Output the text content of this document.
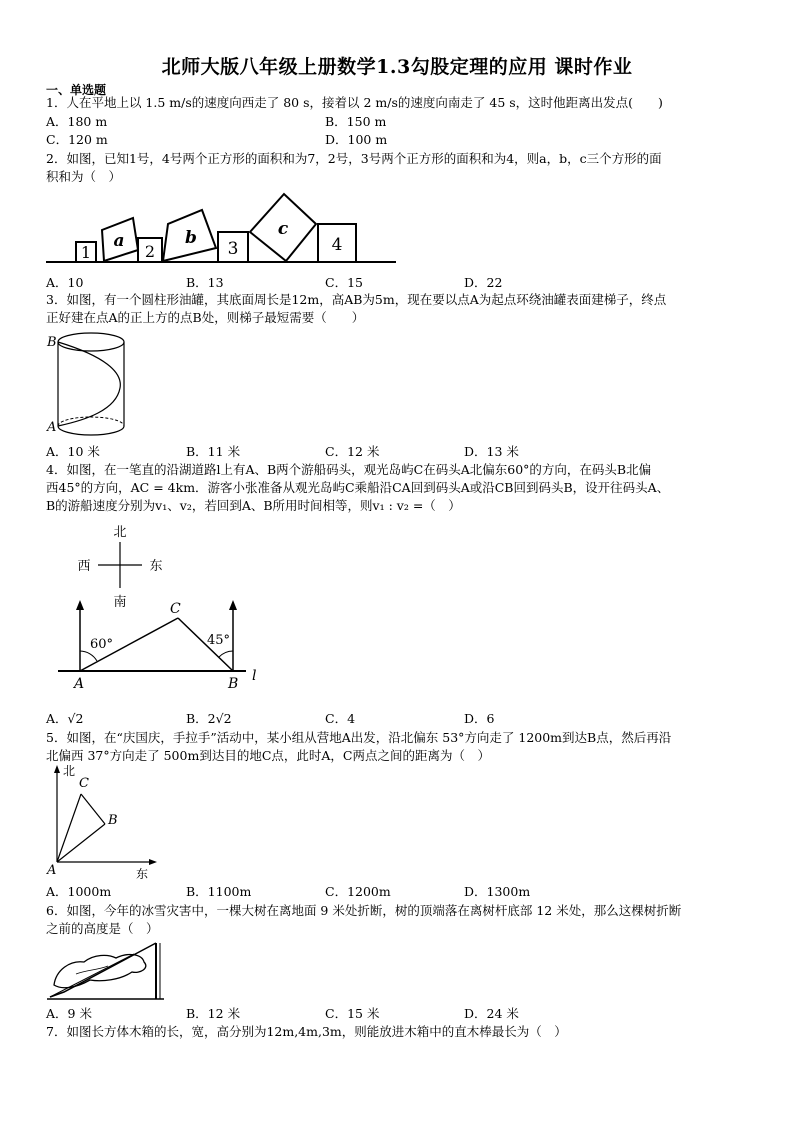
北师大版八年级上册数学1.3勾股定理的应用 课时作业
一、单选题
1．人在平地上以 1.5 m/s的速度向西走了 80 s，接着以 2 m/s的速度向南走了 45 s，这时他距离出发点(　　)
A．180 m	B．150 m
C．120 m	D．100 m
2．如图，已知1号，4号两个正方形的面积和为7，2号，3号两个正方形的面积和为4，则a，b，c三个方形的面
积和为（　）
1
a
2
b
3
c
4
A．10	B．13	C．15	D．22
3．如图，有一个圆柱形油罐，其底面周长是12m，高AB为5m，现在要以点A为起点环绕油罐表面建梯子，终点
正好建在点A的正上方的点B处，则梯子最短需要（　　）
B
A
A．10 米	B．11 米	C．12 米	D．13 米
4．如图，在一笔直的沿湖道路l上有A、B两个游船码头，观光岛屿C在码头A北偏东60°的方向，在码头B北偏
西45°的方向，AC = 4km．游客小张准备从观光岛屿C乘船沿CA回到码头A或沿CB回到码头B，设开往码头A、
B的游船速度分别为v₁、v₂，若回到A、B所用时间相等，则v₁ : v₂ =（　）
北
南
西	东
60°	45°
A	B
C
l
A．√2	B．2√2	C．4	D．6
5．如图，在“庆国庆，手拉手”活动中，某小组从营地A出发，沿北偏东 53°方向走了 1200m到达B点，然后再沿
北偏西 37°方向走了 500m到达目的地C点，此时A，C两点之间的距离为（　）
北
东
A
B
C
A．1000m	B．1100m	C．1200m	D．1300m
6．如图，今年的冰雪灾害中，一棵大树在离地面 9 米处折断，树的顶端落在离树杆底部 12 米处，那么这棵树折断
之前的高度是（　）
A．9 米	B．12 米	C．15 米	D．24 米
7．如图长方体木箱的长，宽，高分别为12m,4m,3m，则能放进木箱中的直木棒最长为（　）
